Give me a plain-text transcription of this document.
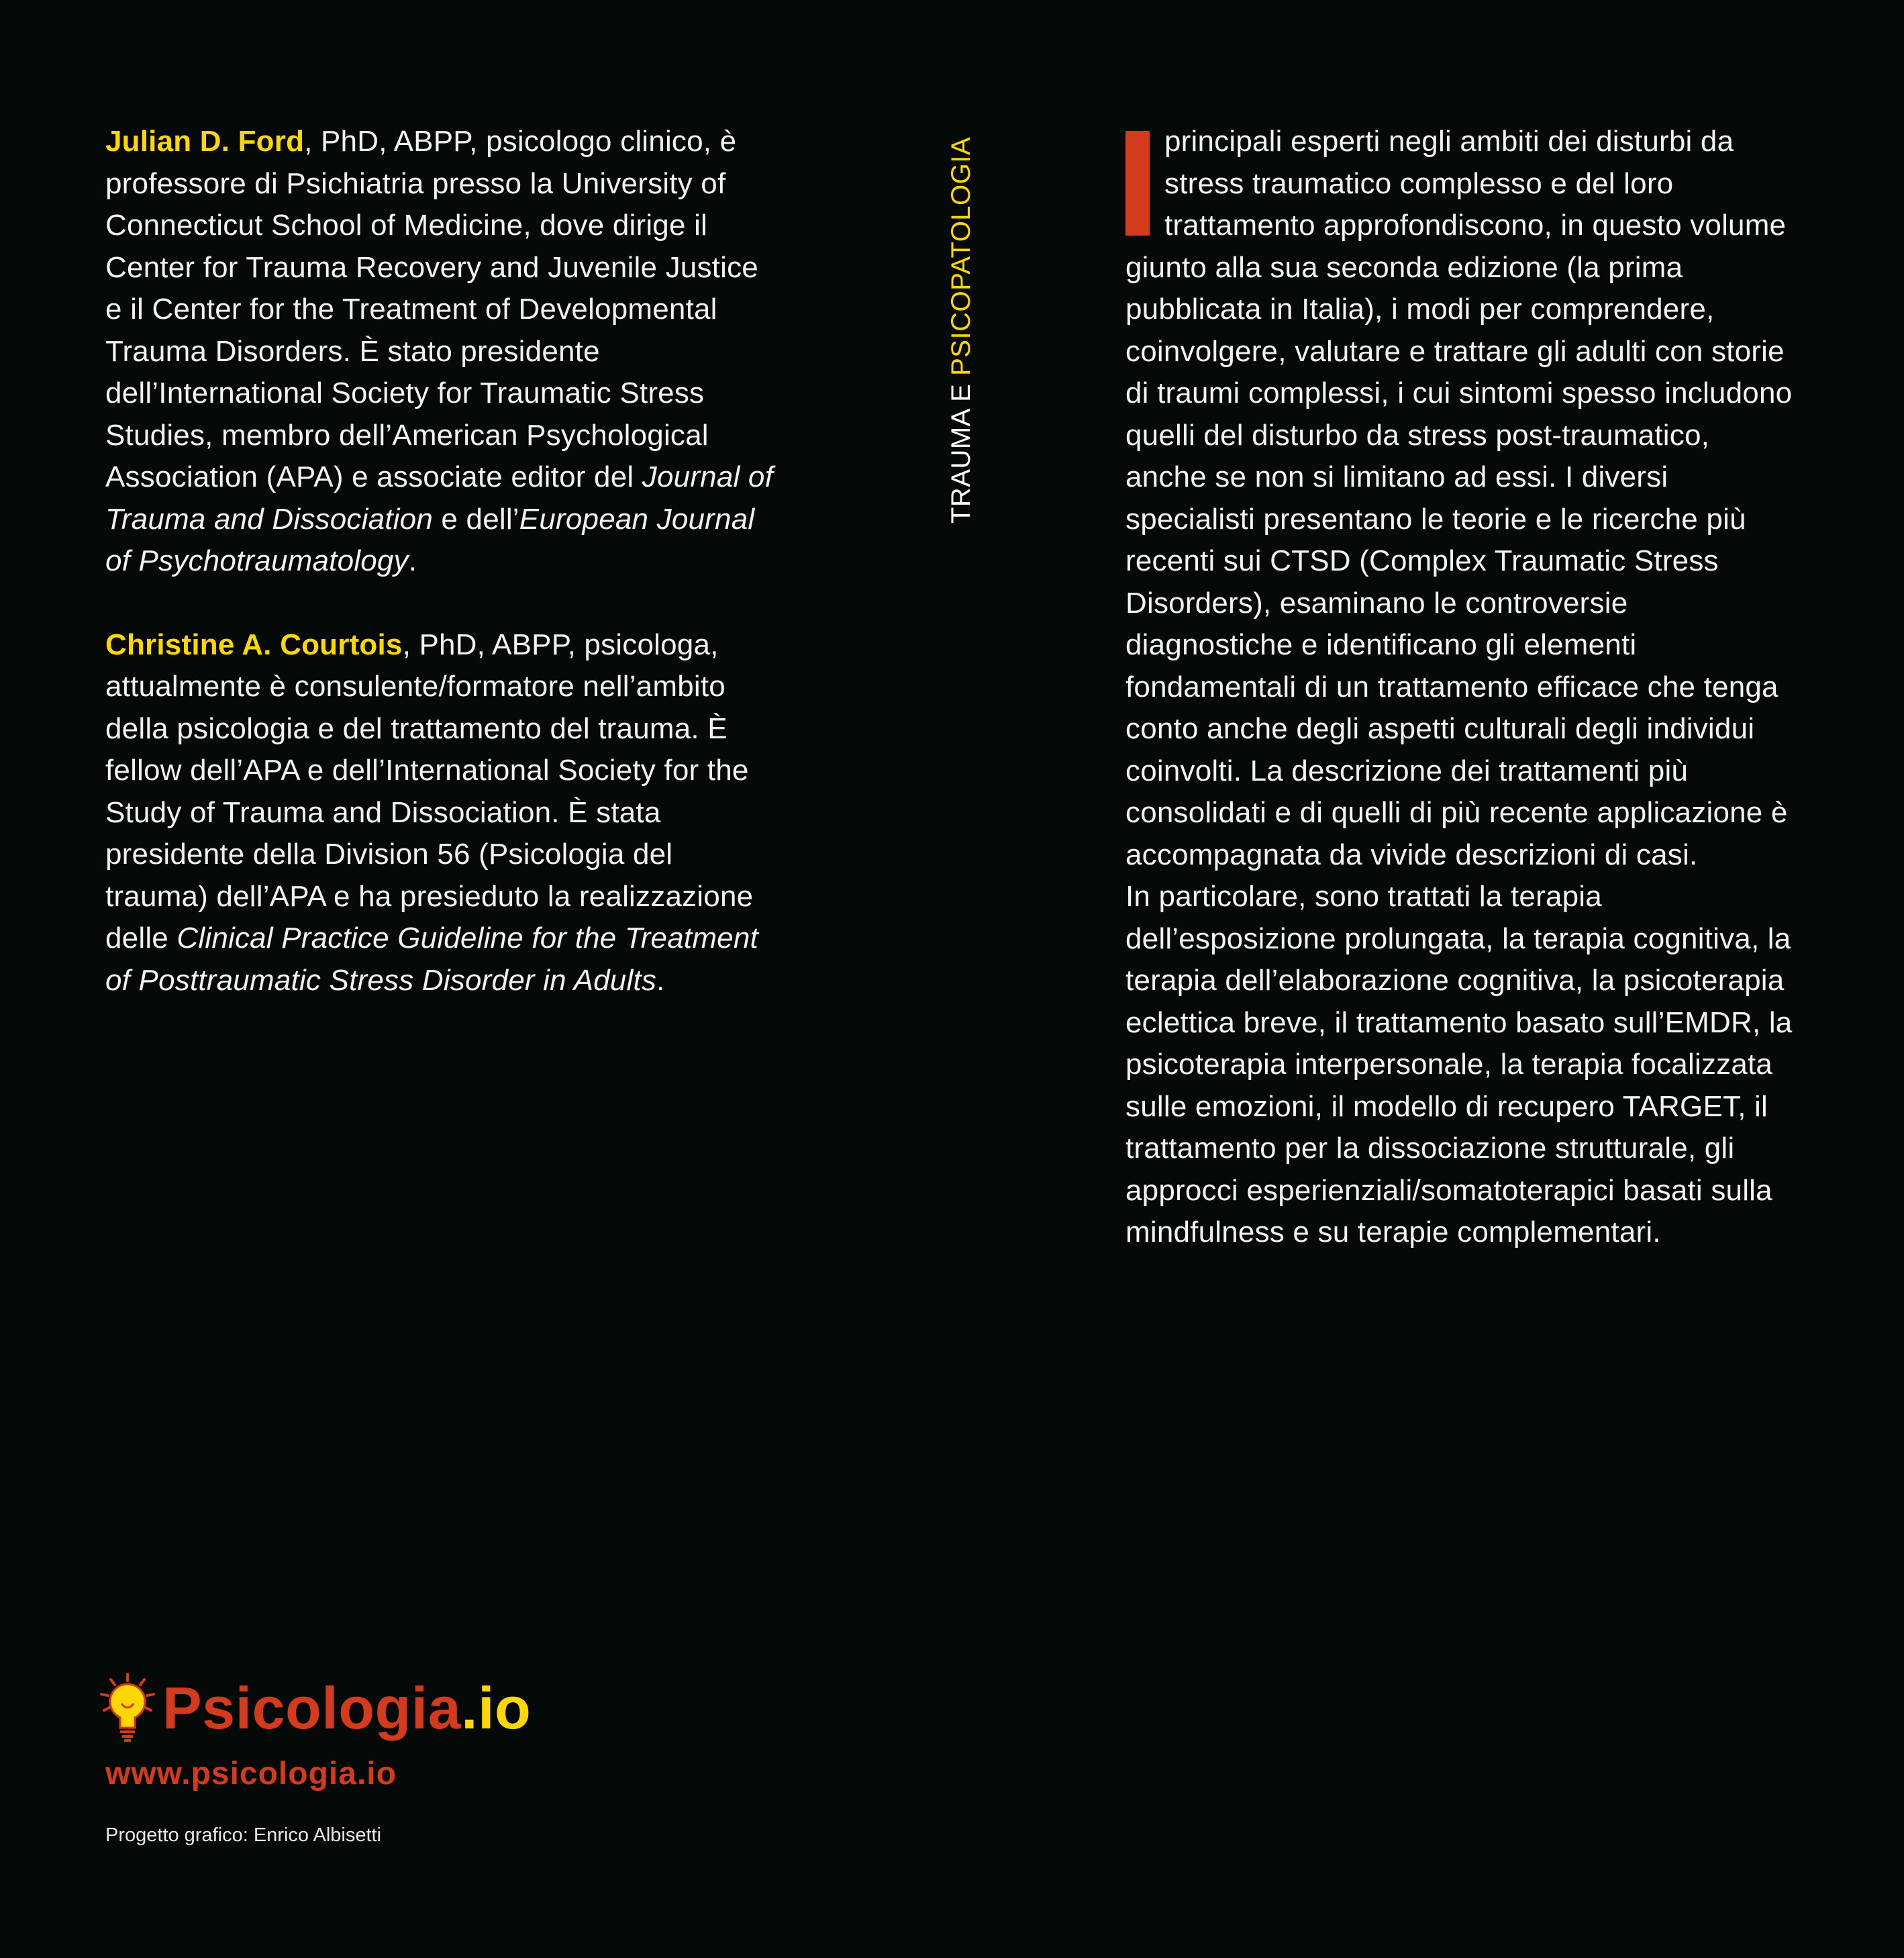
Julian D. Ford, PhD, ABPP, psicologo clinico, è professore di Psichiatria presso la University of Connecticut School of Medicine, dove dirige il Center for Trauma Recovery and Juvenile Justice e il Center for the Treatment of Developmental Trauma Disorders. È stato presidente dell’International Society for Traumatic Stress Studies, membro dell’American Psychological Association (APA) e associate editor del Journal of Trauma and Dissociation e dell’European Journal of Psychotraumatology.

Christine A. Courtois, PhD, ABPP, psicologa, attualmente è consulente/formatore nell’ambito della psicologia e del trattamento del trauma. È fellow dell’APA e dell’International Society for the Study of Trauma and Dissociation. È stata presidente della Division 56 (Psicologia del trauma) dell’APA e ha presieduto la realizzazione delle Clinical Practice Guideline for the Treatment of Posttraumatic Stress Disorder in Adults.

TRAUMA E PSICOPATOLOGIA	principali esperti negli ambiti dei disturbi da stress traumatico complesso e del loro trattamento approfondiscono, in questo volume giunto alla sua seconda edizione (la prima pubblicata in Italia), i modi per comprendere, coinvolgere, valutare e trattare gli adulti con storie di traumi complessi, i cui sintomi spesso includono quelli del disturbo da stress post-traumatico, anche se non si limitano ad essi. I diversi specialisti presentano le teorie e le ricerche più recenti sui CTSD (Complex Traumatic Stress Disorders), esaminano le controversie diagnostiche e identificano gli elementi fondamentali di un trattamento efficace che tenga conto anche degli aspetti culturali degli individui coinvolti. La descrizione dei trattamenti più consolidati e di quelli di più recente applicazione è accompagnata da vivide descrizioni di casi.

In particolare, sono trattati la terapia dell’esposizione prolungata, la terapia cognitiva, la terapia dell’elaborazione cognitiva, la psicoterapia eclettica breve, il trattamento basato sull’EMDR, la psicoterapia interpersonale, la terapia focalizzata sulle emozioni, il modello di recupero TARGET, il trattamento per la dissociazione strutturale, gli approcci esperienziali/somatoterapici basati sulla mindfulness e su terapie complementari.

Psicologia.io
www.psicologia.io
Progetto grafico: Enrico Albisetti
